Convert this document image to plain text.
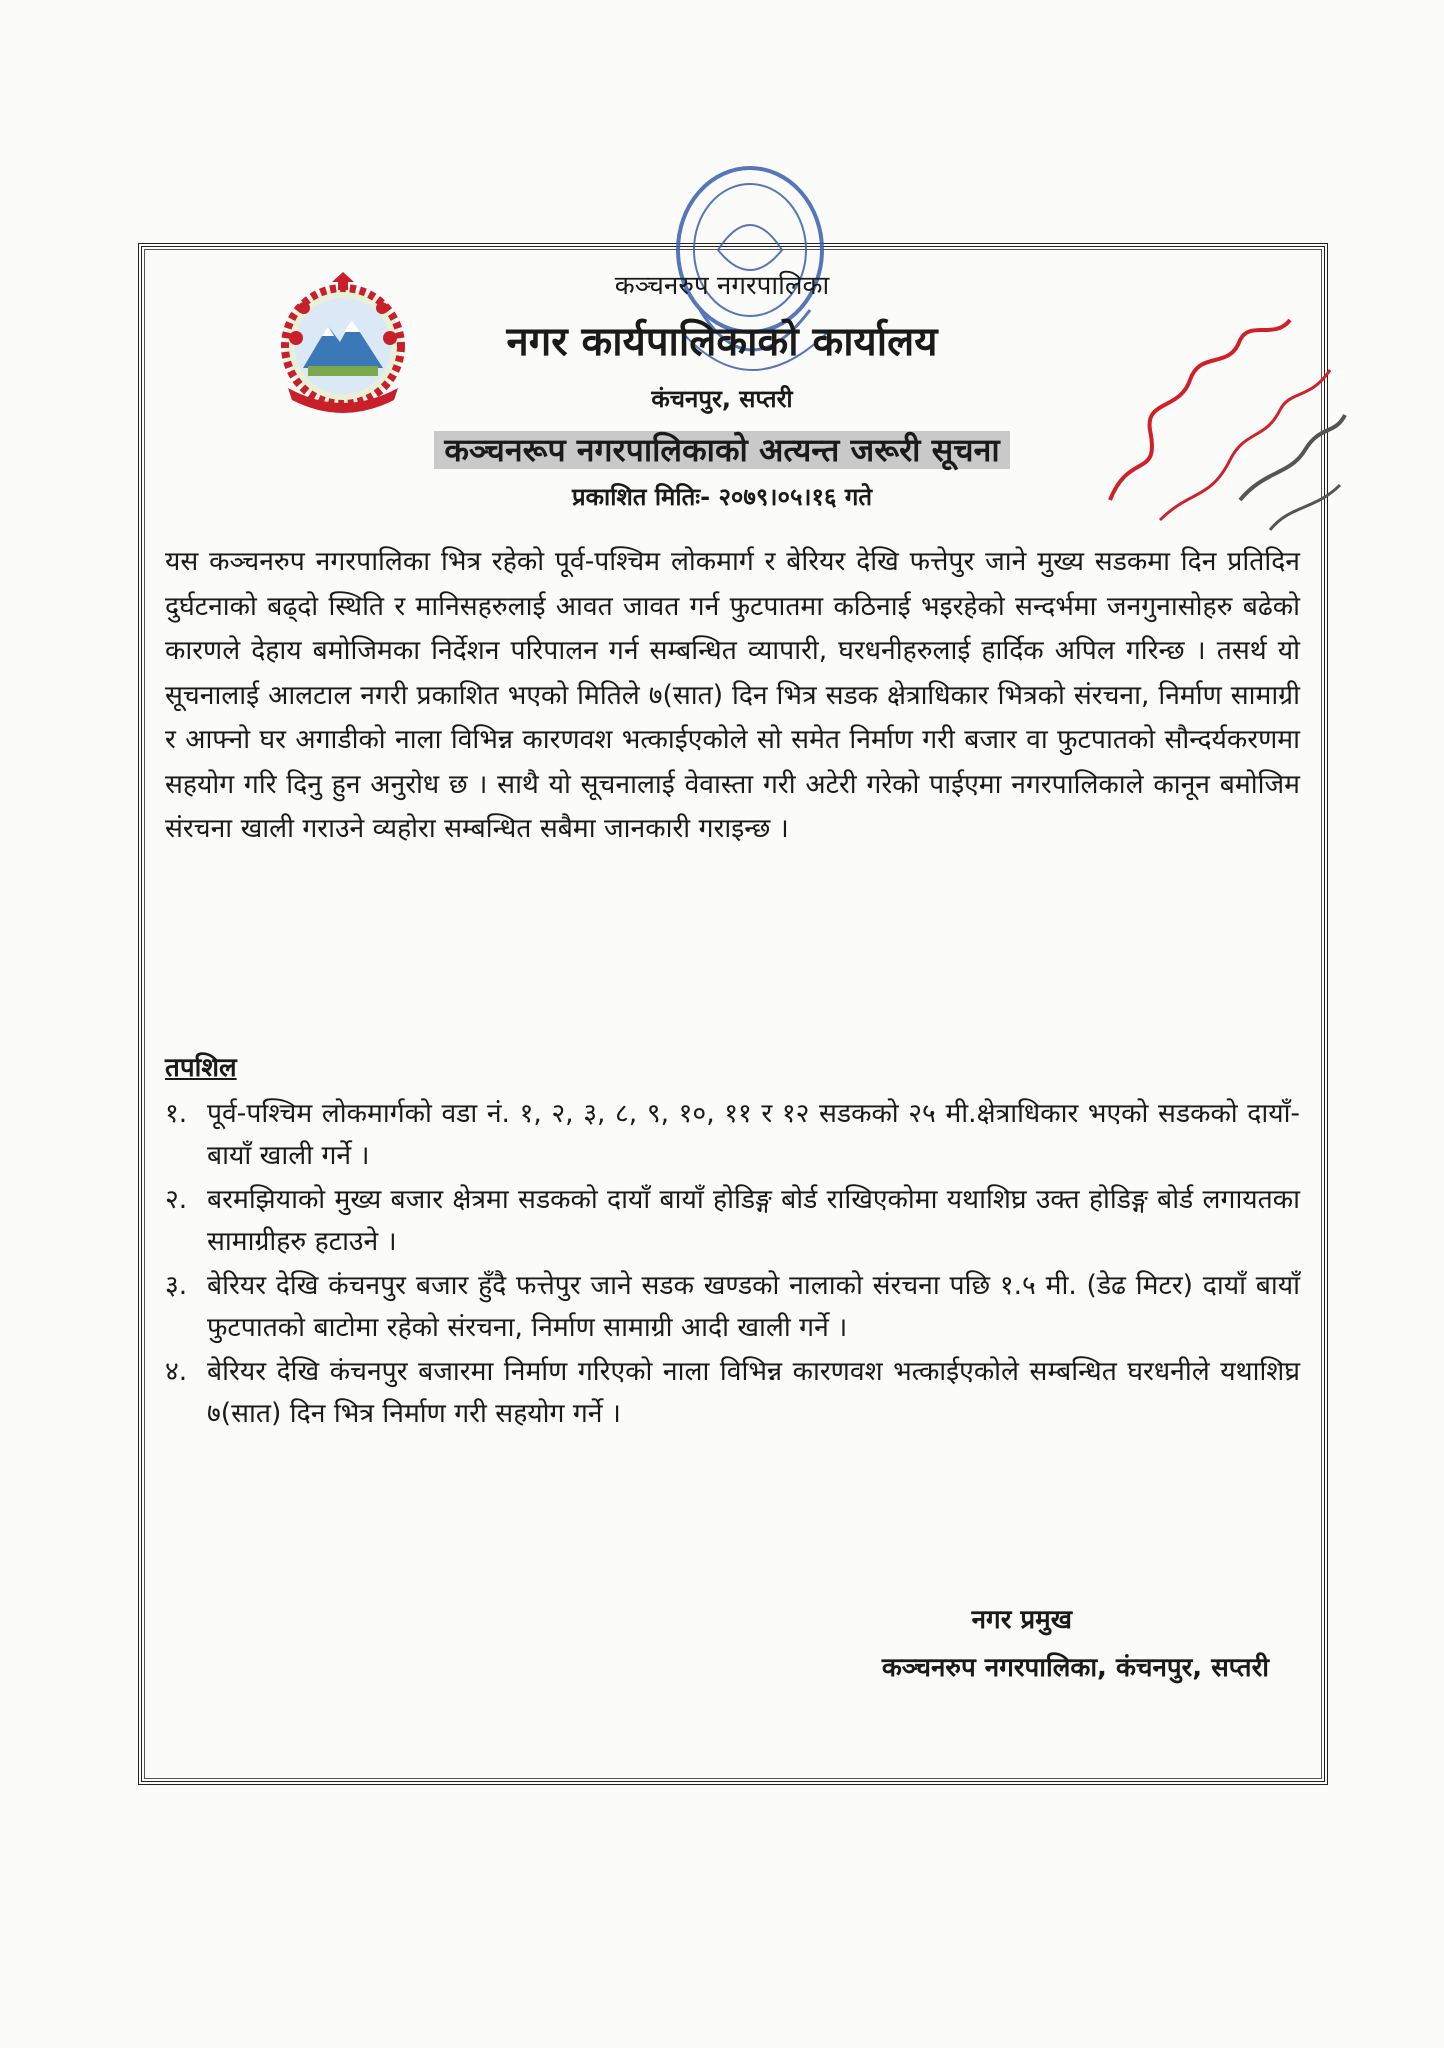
कञ्चनरुप नगरपालिका
नगर कार्यपालिकाको कार्यालय
कंचनपुर, सप्तरी
कञ्चनरूप नगरपालिकाको अत्यन्त जरूरी सूचना
प्रकाशित मितिः- २०७९।०५।१६ गते
यस कञ्चनरुप नगरपालिका भित्र रहेको पूर्व-पश्चिम लोकमार्ग र बेरियर देखि फत्तेपुर जाने मुख्य सडकमा दिन प्रतिदिन दुर्घटनाको बढ्दो स्थिति र मानिसहरुलाई आवत जावत गर्न फुटपातमा कठिनाई भइरहेको सन्दर्भमा जनगुनासोहरु बढेको कारणले देहाय बमोजिमका निर्देशन परिपालन गर्न सम्बन्धित व्यापारी, घरधनीहरुलाई हार्दिक अपिल गरिन्छ । तसर्थ यो सूचनालाई आलटाल नगरी प्रकाशित भएको मितिले ७(सात) दिन भित्र सडक क्षेत्राधिकार भित्रको संरचना, निर्माण सामाग्री र आफ्नो घर अगाडीको नाला विभिन्न कारणवश भत्काईएकोले सो समेत निर्माण गरी बजार वा फुटपातको सौन्दर्यकरणमा सहयोग गरि दिनु हुन अनुरोध छ । साथै यो सूचनालाई वेवास्ता गरी अटेरी गरेको पाईएमा नगरपालिकाले कानून बमोजिम संरचना खाली गराउने व्यहोरा सम्बन्धित सबैमा जानकारी गराइन्छ ।
तपशिल
१. पूर्व-पश्चिम लोकमार्गको वडा नं. १, २, ३, ८, ९, १०, ११ र १२ सडकको २५ मी.क्षेत्राधिकार भएको सडकको दायाँ-बायाँ खाली गर्ने ।
२. बरमझियाको मुख्य बजार क्षेत्रमा सडकको दायाँ बायाँ होडिङ्ग बोर्ड राखिएकोमा यथाशिघ्र उक्त होडिङ्ग बोर्ड लगायतका सामाग्रीहरु हटाउने ।
३. बेरियर देखि कंचनपुर बजार हुँदै फत्तेपुर जाने सडक खण्डको नालाको संरचना पछि १.५ मी. (डेढ मिटर) दायाँ बायाँ फुटपातको बाटोमा रहेको संरचना, निर्माण सामाग्री आदी खाली गर्ने ।
४. बेरियर देखि कंचनपुर बजारमा निर्माण गरिएको नाला विभिन्न कारणवश भत्काईएकोले सम्बन्धित घरधनीले यथाशिघ्र ७(सात) दिन भित्र निर्माण गरी सहयोग गर्ने ।
नगर प्रमुख
कञ्चनरुप नगरपालिका, कंचनपुर, सप्तरी
